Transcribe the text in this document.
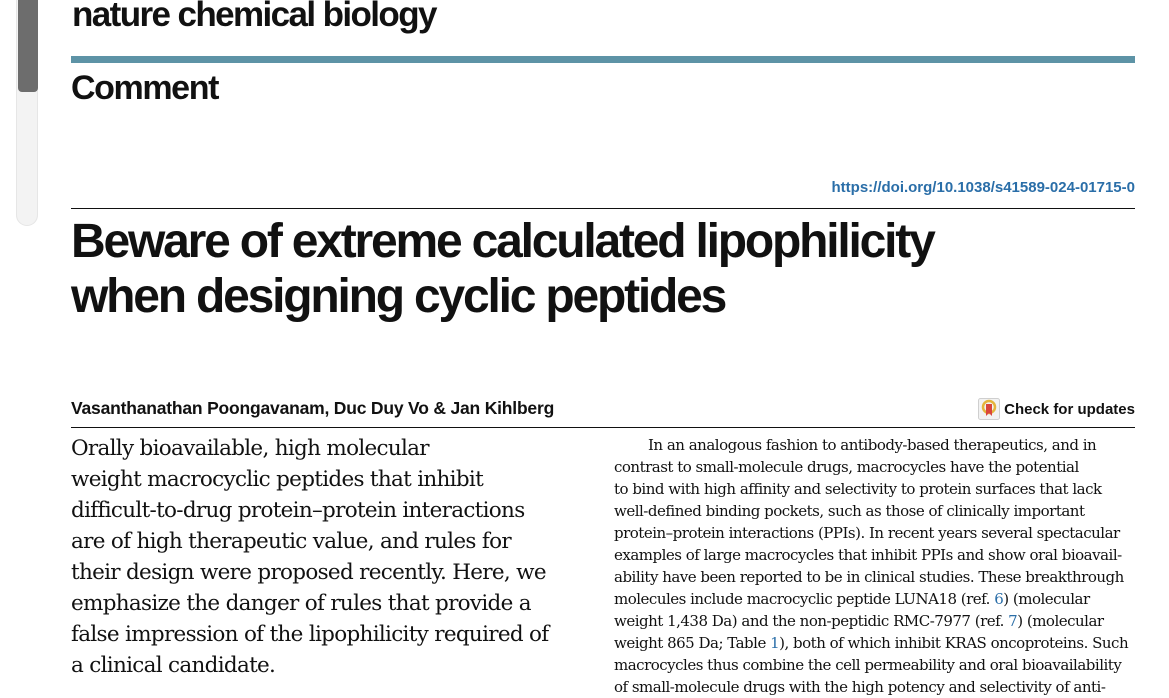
nature chemical biology
Comment
https://doi.org/10.1038/s41589-024-01715-0
Beware of extreme calculated lipophilicity
when designing cyclic peptides
Vasanthanathan Poongavanam, Duc Duy Vo & Jan Kihlberg	Check for updates

Orally bioavailable, high molecular
weight macrocyclic peptides that inhibit
difficult-to-drug protein–protein interactions
are of high therapeutic value, and rules for
their design were proposed recently. Here, we
emphasize the danger of rules that provide a
false impression of the lipophilicity required of
a clinical candidate.

In an analogous fashion to antibody-based therapeutics, and in
contrast to small-molecule drugs, macrocycles have the potential
to bind with high affinity and selectivity to protein surfaces that lack
well-defined binding pockets, such as those of clinically important
protein–protein interactions (PPIs). In recent years several spectacular
examples of large macrocycles that inhibit PPIs and show oral bioavail-
ability have been reported to be in clinical studies. These breakthrough
molecules include macrocyclic peptide LUNA18 (ref. 6) (molecular
weight 1,438 Da) and the non-peptidic RMC-7977 (ref. 7) (molecular
weight 865 Da; Table 1), both of which inhibit KRAS oncoproteins. Such
macrocycles thus combine the cell permeability and oral bioavailability
of small-molecule drugs with the high potency and selectivity of anti-
